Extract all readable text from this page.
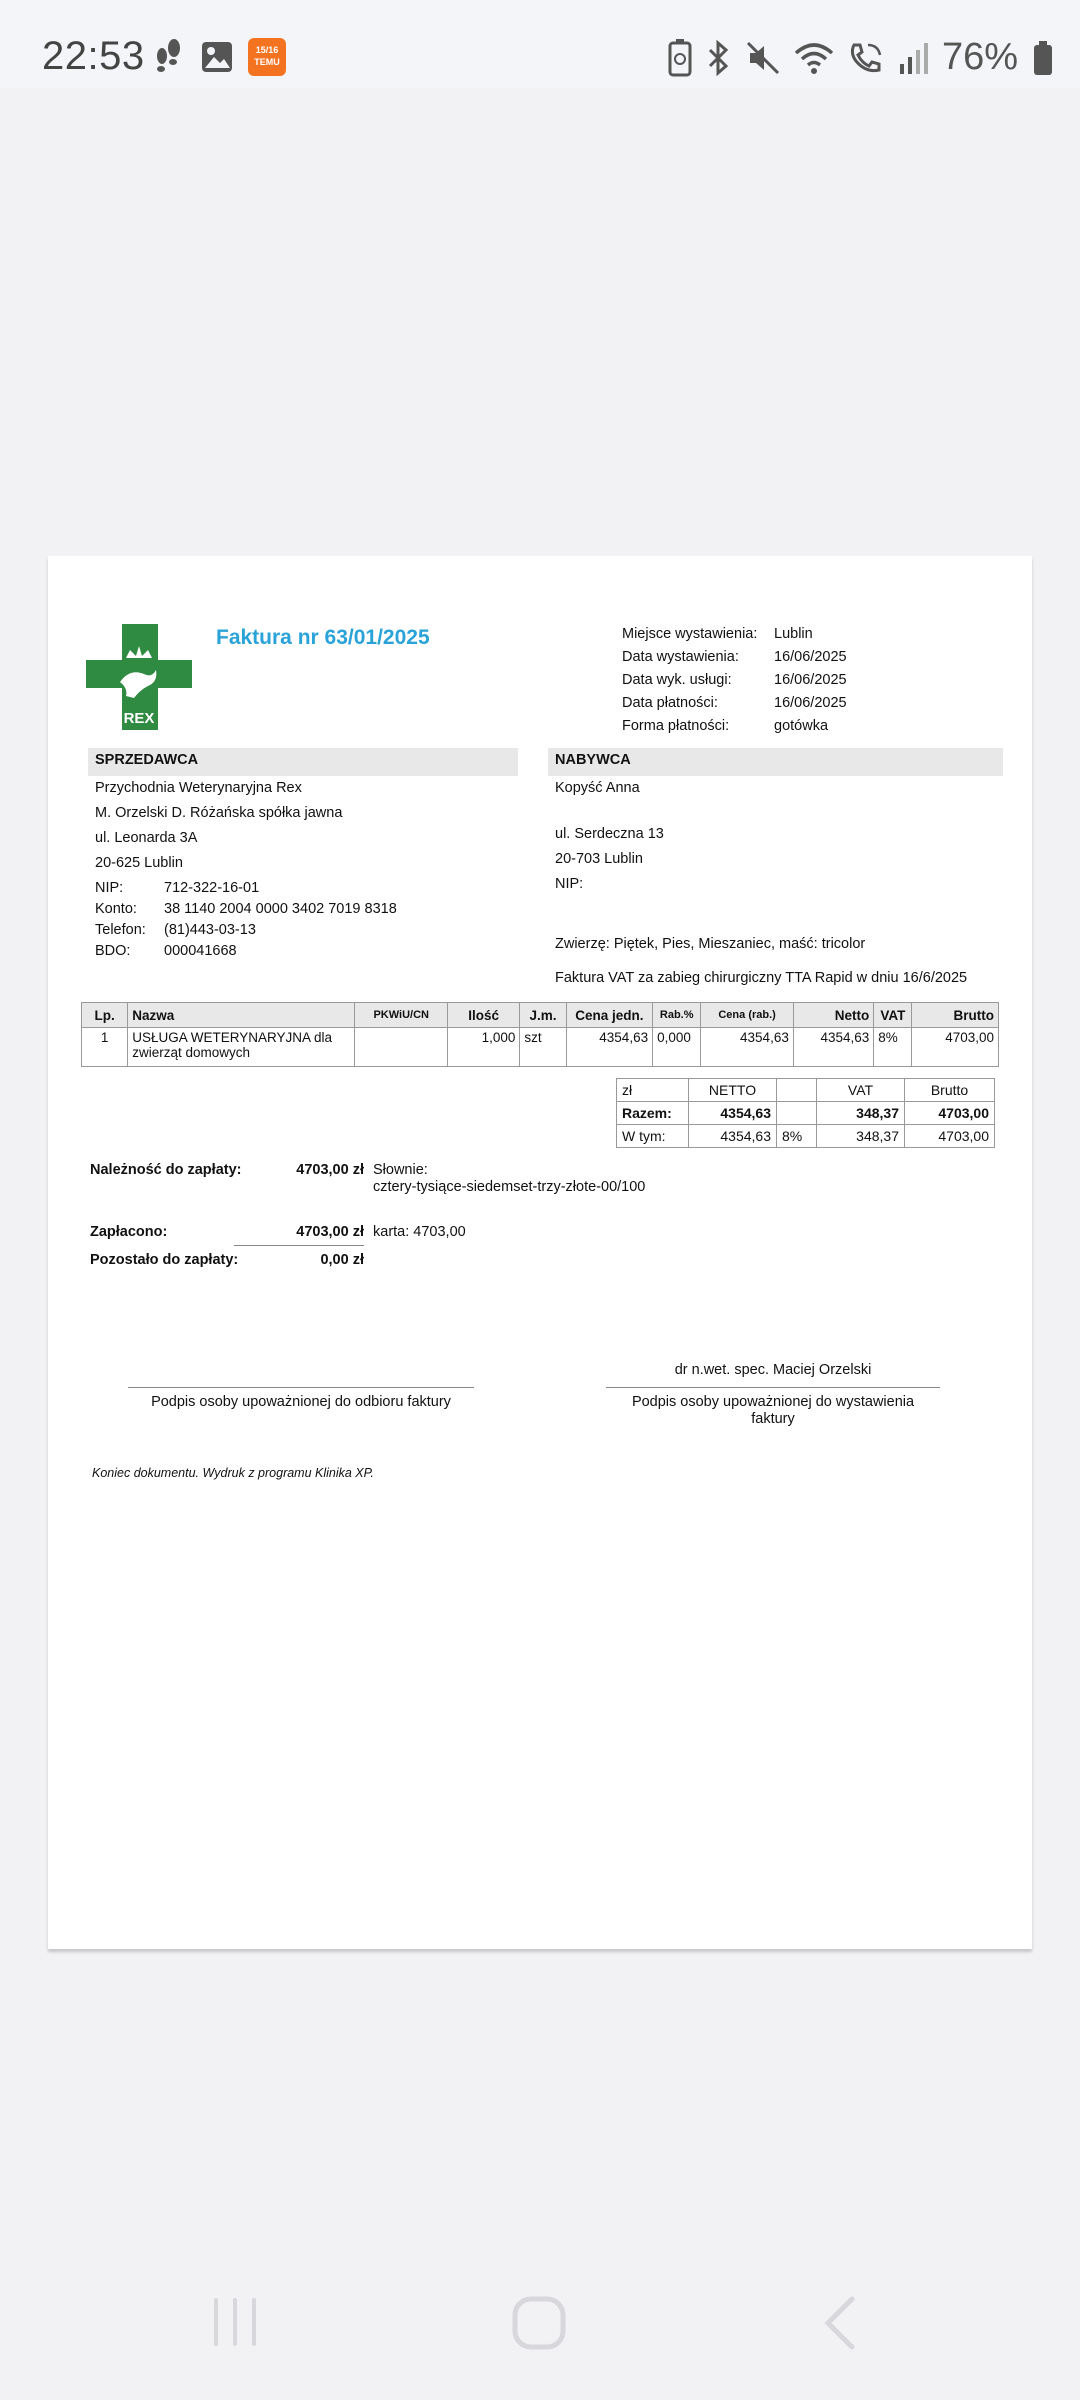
22:53	15/16
TEMU	76%
REX
Faktura nr 63/01/2025	Miejsce wystawienia:	Lublin
Data wystawienia:	16/06/2025
Data wyk. usługi:	16/06/2025
Data płatności:	16/06/2025
Forma płatności:	gotówka
SPRZEDAWCA
Przychodnia Weterynaryjna Rex
M. Orzelski D. Różańska spółka jawna
ul. Leonarda 3A
20-625 Lublin
NIP:	712-322-16-01
Konto:	38 1140 2004 0000 3402 7019 8318
Telefon:	(81)443-03-13
BDO:	000041668
NABYWCA
Kopyść Anna
ul. Serdeczna 13
20-703 Lublin
NIP:
Zwierzę: Piętek, Pies, Mieszaniec, maść: tricolor
Faktura VAT za zabieg chirurgiczny TTA Rapid w dniu 16/6/2025
Lp.	Nazwa	PKWiU/CN	Ilość	J.m.	Cena jedn.	Rab.%	Cena (rab.)	Netto	VAT	Brutto
1	USŁUGA WETERYNARYJNA dla zwierząt domowych		1,000	szt	4354,63	0,000	4354,63	4354,63	8%	4703,00
zł	NETTO		VAT	Brutto
Razem:	4354,63		348,37	4703,00
W tym:	4354,63	8%	348,37	4703,00
Należność do zapłaty:	4703,00 zł Słownie:
cztery-tysiące-siedemset-trzy-złote-00/100
Zapłacono:	4703,00 zł karta: 4703,00
Pozostało do zapłaty:	0,00 zł
dr n.wet. spec. Maciej Orzelski
Podpis osoby upoważnionej do odbioru faktury	Podpis osoby upoważnionej do wystawienia faktury
Koniec dokumentu. Wydruk z programu Klinika XP.
